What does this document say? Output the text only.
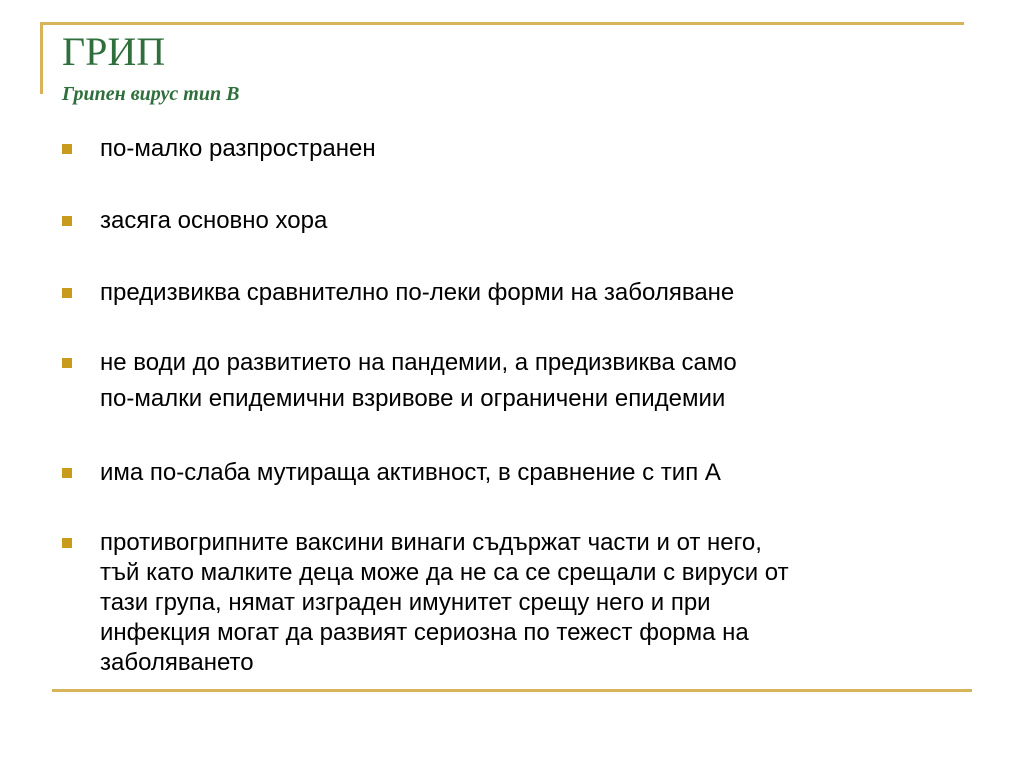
ГРИП
Грипен вирус тип В
по-малко разпространен
засяга основно хора
предизвиква сравнително по-леки форми на заболяване
не води до развитието на пандемии, а предизвиква само
по-малки епидемични взривове и ограничени епидемии
има по-слаба мутираща активност, в сравнение с тип А
противогрипните ваксини винаги съдържат части и от него,
тъй като малките деца може да не са се срещали с вируси от
тази група, нямат изграден имунитет срещу него и при
инфекция могат да развият сериозна по тежест форма на
заболяването
